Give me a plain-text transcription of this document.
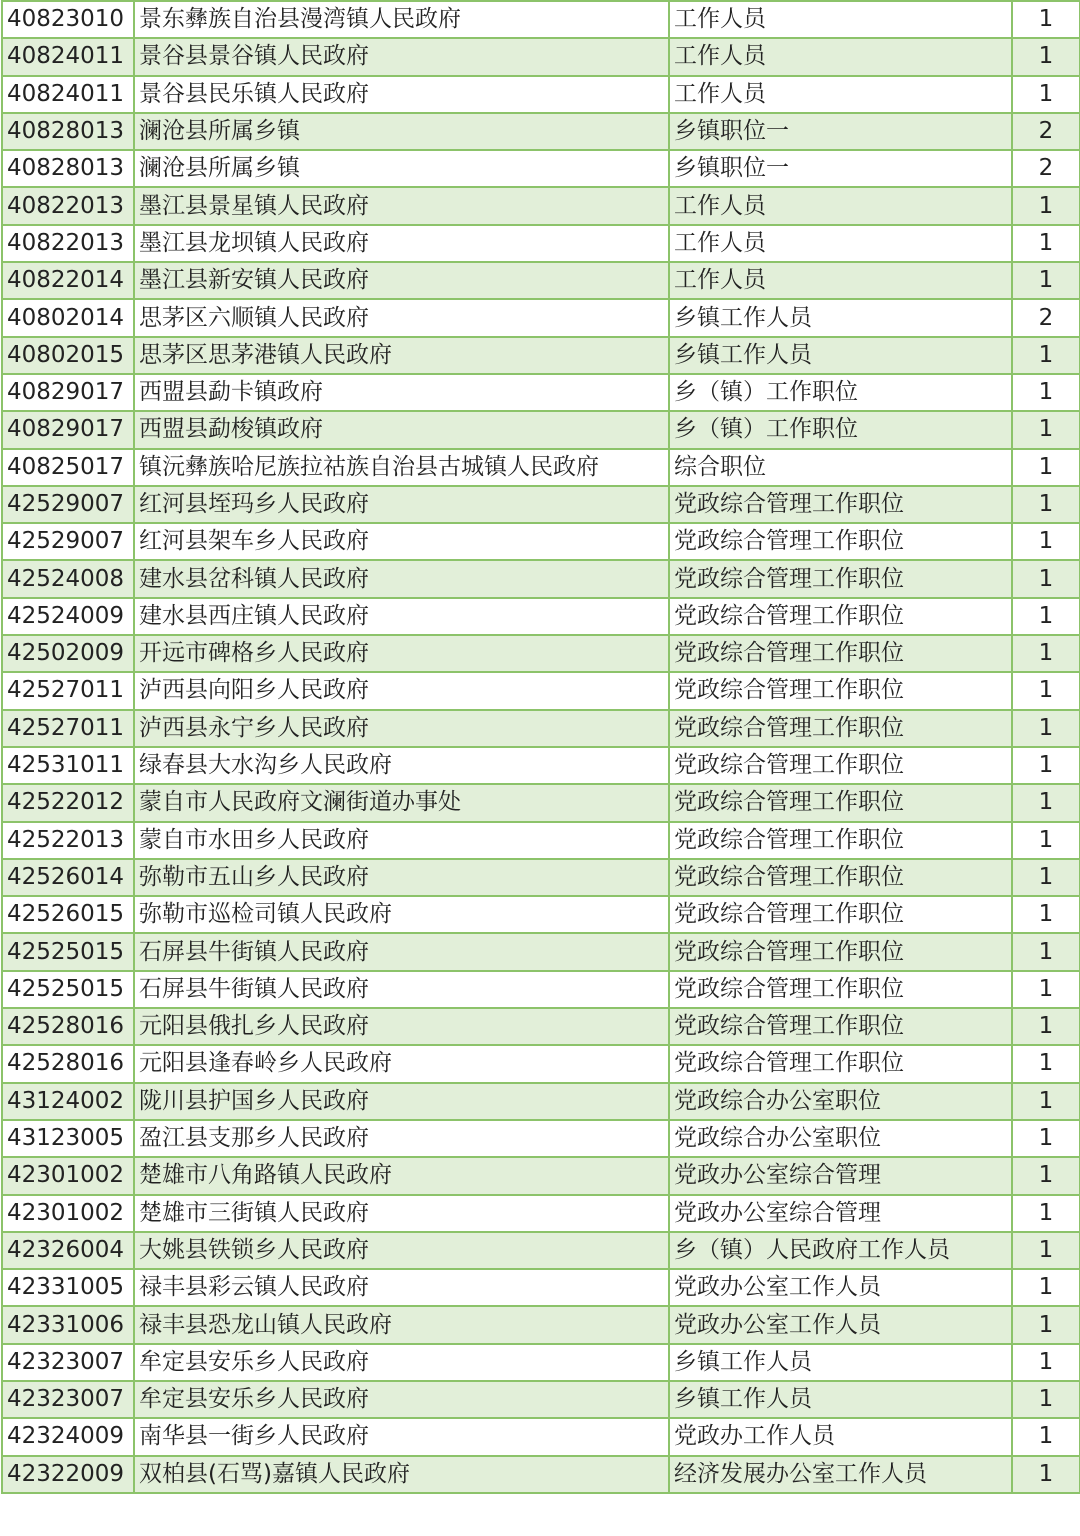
40823010	景东彝族自治县漫湾镇人民政府	工作人员	1
40824011	景谷县景谷镇人民政府	工作人员	1
40824011	景谷县民乐镇人民政府	工作人员	1
40828013	澜沧县所属乡镇	乡镇职位一	2
40828013	澜沧县所属乡镇	乡镇职位一	2
40822013	墨江县景星镇人民政府	工作人员	1
40822013	墨江县龙坝镇人民政府	工作人员	1
40822014	墨江县新安镇人民政府	工作人员	1
40802014	思茅区六顺镇人民政府	乡镇工作人员	2
40802015	思茅区思茅港镇人民政府	乡镇工作人员	1
40829017	西盟县勐卡镇政府	乡（镇）工作职位	1
40829017	西盟县勐梭镇政府	乡（镇）工作职位	1
40825017	镇沅彝族哈尼族拉祜族自治县古城镇人民政府	综合职位	1
42529007	红河县垤玛乡人民政府	党政综合管理工作职位	1
42529007	红河县架车乡人民政府	党政综合管理工作职位	1
42524008	建水县岔科镇人民政府	党政综合管理工作职位	1
42524009	建水县西庄镇人民政府	党政综合管理工作职位	1
42502009	开远市碑格乡人民政府	党政综合管理工作职位	1
42527011	泸西县向阳乡人民政府	党政综合管理工作职位	1
42527011	泸西县永宁乡人民政府	党政综合管理工作职位	1
42531011	绿春县大水沟乡人民政府	党政综合管理工作职位	1
42522012	蒙自市人民政府文澜街道办事处	党政综合管理工作职位	1
42522013	蒙自市水田乡人民政府	党政综合管理工作职位	1
42526014	弥勒市五山乡人民政府	党政综合管理工作职位	1
42526015	弥勒市巡检司镇人民政府	党政综合管理工作职位	1
42525015	石屏县牛街镇人民政府	党政综合管理工作职位	1
42525015	石屏县牛街镇人民政府	党政综合管理工作职位	1
42528016	元阳县俄扎乡人民政府	党政综合管理工作职位	1
42528016	元阳县逢春岭乡人民政府	党政综合管理工作职位	1
43124002	陇川县护国乡人民政府	党政综合办公室职位	1
43123005	盈江县支那乡人民政府	党政综合办公室职位	1
42301002	楚雄市八角路镇人民政府	党政办公室综合管理	1
42301002	楚雄市三街镇人民政府	党政办公室综合管理	1
42326004	大姚县铁锁乡人民政府	乡（镇）人民政府工作人员	1
42331005	禄丰县彩云镇人民政府	党政办公室工作人员	1
42331006	禄丰县恐龙山镇人民政府	党政办公室工作人员	1
42323007	牟定县安乐乡人民政府	乡镇工作人员	1
42323007	牟定县安乐乡人民政府	乡镇工作人员	1
42324009	南华县一街乡人民政府	党政办工作人员	1
42322009	双柏县(石骂)嘉镇人民政府	经济发展办公室工作人员	1
